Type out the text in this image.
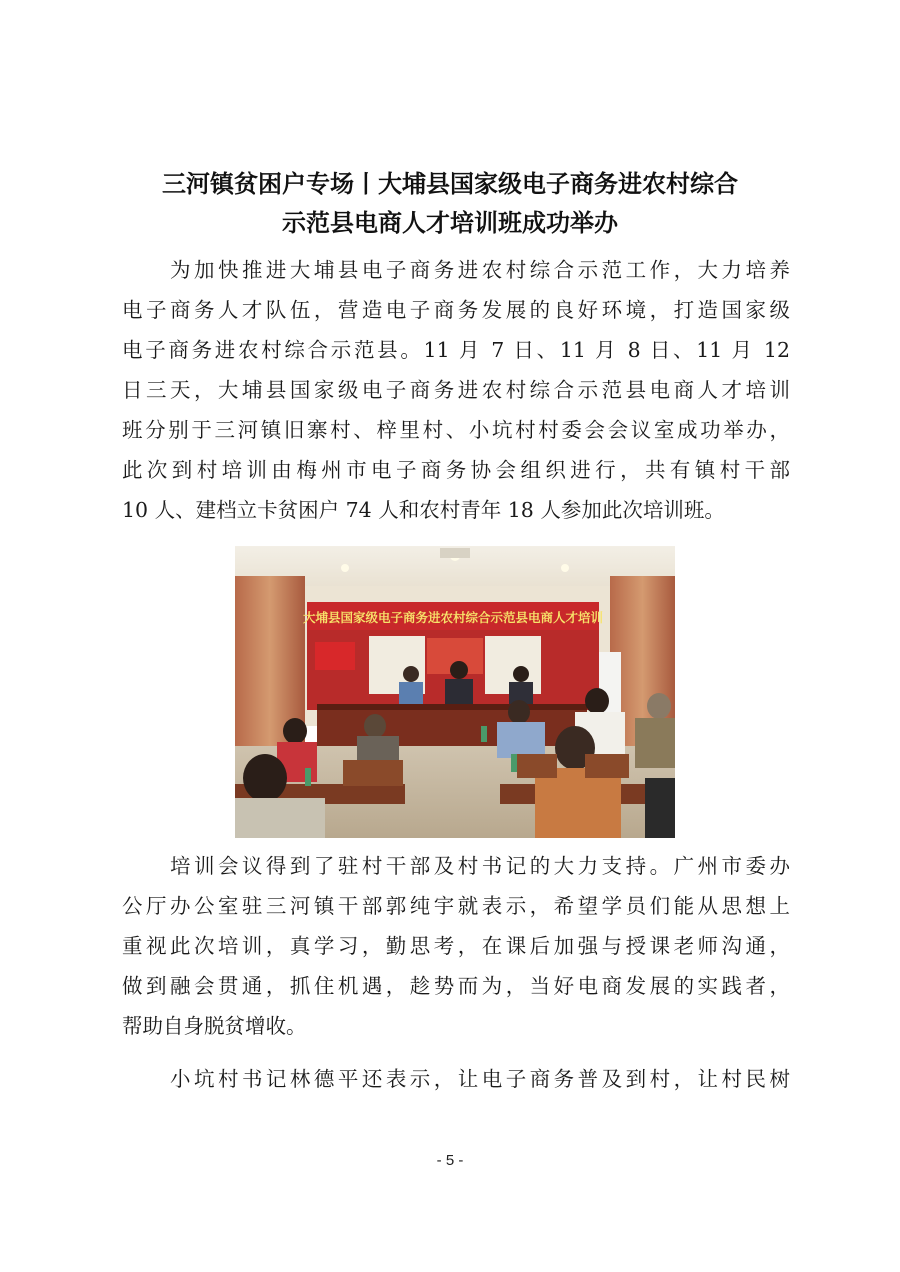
三河镇贫困户专场丨大埔县国家级电子商务进农村综合
示范县电商人才培训班成功举办
为加快推进大埔县电子商务进农村综合示范工作，大力培养
电子商务人才队伍，营造电子商务发展的良好环境，打造国家级
电子商务进农村综合示范县。11 月 7 日、11 月 8 日、11 月 12
日三天，大埔县国家级电子商务进农村综合示范县电商人才培训
班分别于三河镇旧寨村、梓里村、小坑村村委会会议室成功举办，
此次到村培训由梅州市电子商务协会组织进行，共有镇村干部
10 人、建档立卡贫困户 74 人和农村青年 18 人参加此次培训班。
大埔县国家级电子商务进农村综合示范县电商人才培训
培训会议得到了驻村干部及村书记的大力支持。广州市委办
公厅办公室驻三河镇干部郭纯宇就表示，希望学员们能从思想上
重视此次培训，真学习，勤思考，在课后加强与授课老师沟通，
做到融会贯通，抓住机遇，趁势而为，当好电商发展的实践者，
帮助自身脱贫增收。
小坑村书记林德平还表示，让电子商务普及到村，让村民树
- 5 -
